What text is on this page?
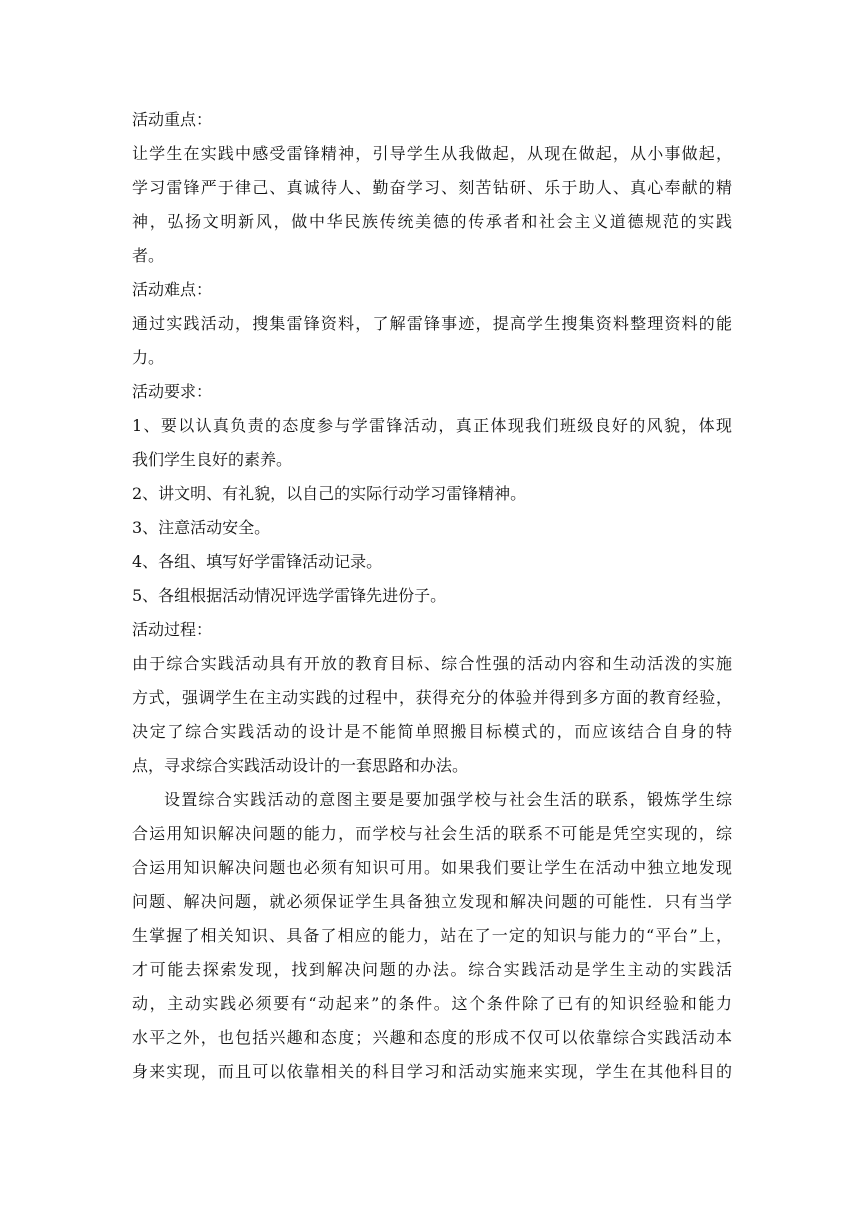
活动重点：
让学生在实践中感受雷锋精神，引导学生从我做起，从现在做起，从小事做起，
学习雷锋严于律己、真诚待人、勤奋学习、刻苦钻研、乐于助人、真心奉献的精
神，弘扬文明新风，做中华民族传统美德的传承者和社会主义道德规范的实践
者。
活动难点：
通过实践活动，搜集雷锋资料，了解雷锋事迹，提高学生搜集资料整理资料的能
力。
活动要求：
1、要以认真负责的态度参与学雷锋活动，真正体现我们班级良好的风貌，体现
我们学生良好的素养。
2、讲文明、有礼貌，以自己的实际行动学习雷锋精神。
3、注意活动安全。
4、各组、填写好学雷锋活动记录。
5、各组根据活动情况评选学雷锋先进份子。
活动过程：
由于综合实践活动具有开放的教育目标、综合性强的活动内容和生动活泼的实施
方式，强调学生在主动实践的过程中，获得充分的体验并得到多方面的教育经验，
决定了综合实践活动的设计是不能简单照搬目标模式的，而应该结合自身的特
点，寻求综合实践活动设计的一套思路和办法。
设置综合实践活动的意图主要是要加强学校与社会生活的联系，锻炼学生综
合运用知识解决问题的能力，而学校与社会生活的联系不可能是凭空实现的，综
合运用知识解决问题也必须有知识可用。如果我们要让学生在活动中独立地发现
问题、解决问题，就必须保证学生具备独立发现和解决问题的可能性．只有当学
生掌握了相关知识、具备了相应的能力，站在了一定的知识与能力的“平台”上，
才可能去探索发现，找到解决问题的办法。综合实践活动是学生主动的实践活
动，主动实践必须要有“动起来”的条件。这个条件除了已有的知识经验和能力
水平之外，也包括兴趣和态度；兴趣和态度的形成不仅可以依靠综合实践活动本
身来实现，而且可以依靠相关的科目学习和活动实施来实现，学生在其他科目的
